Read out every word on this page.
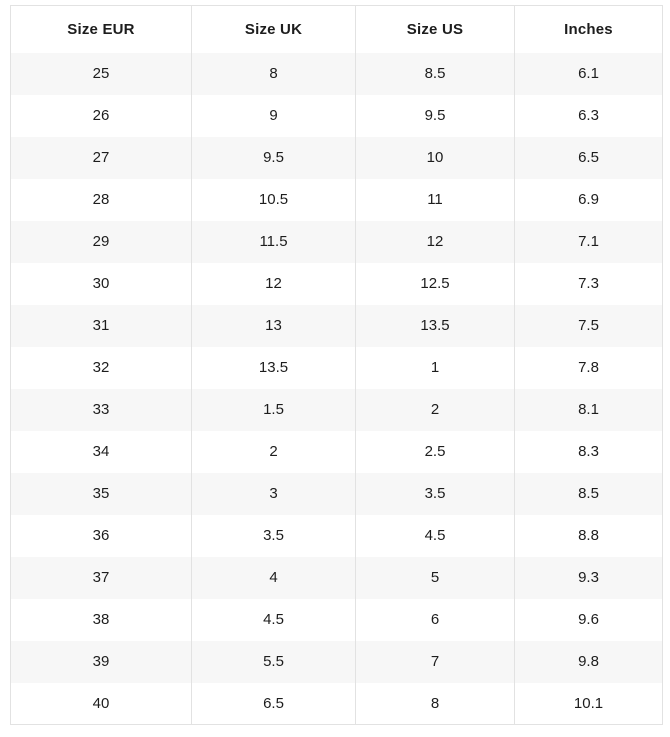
Size EUR	Size UK	Size US	Inches
25	8	8.5	6.1
26	9	9.5	6.3
27	9.5	10	6.5
28	10.5	11	6.9
29	11.5	12	7.1
30	12	12.5	7.3
31	13	13.5	7.5
32	13.5	1	7.8
33	1.5	2	8.1
34	2	2.5	8.3
35	3	3.5	8.5
36	3.5	4.5	8.8
37	4	5	9.3
38	4.5	6	9.6
39	5.5	7	9.8
40	6.5	8	10.1
